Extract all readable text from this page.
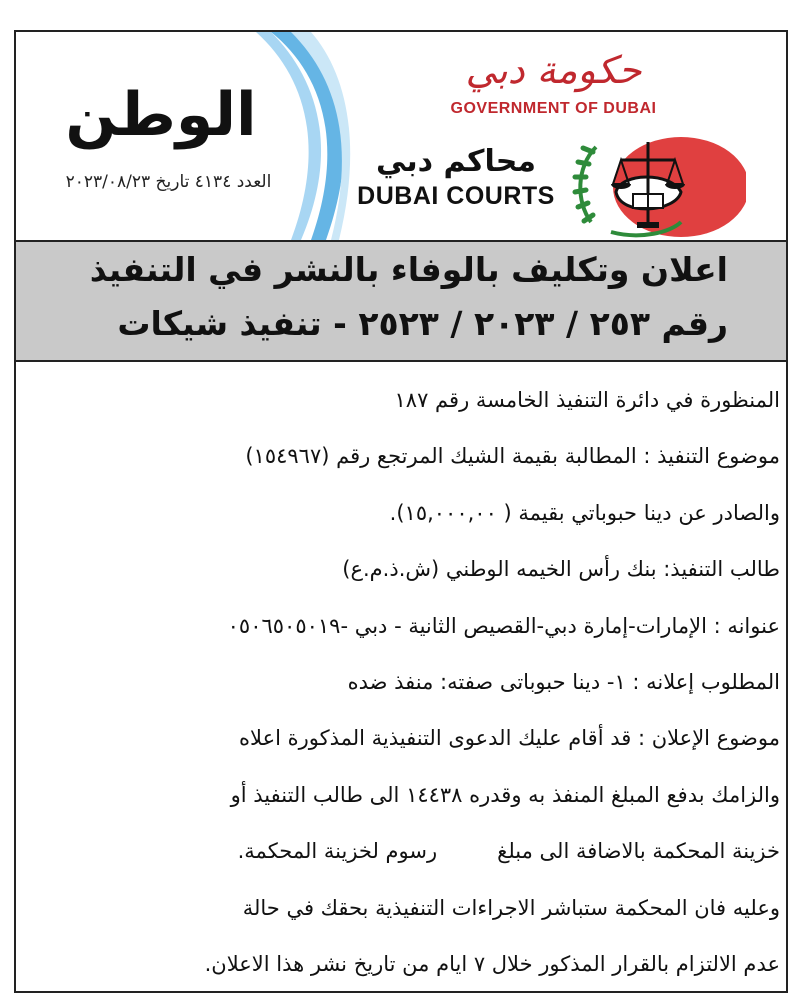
الوطن
العدد ٤١٣٤ تاريخ ٢٠٢٣/٠٨/٢٣
حكومة دبي
GOVERNMENT OF DUBAI
محاكم دبي
DUBAI COURTS
اعلان وتكليف بالوفاء بالنشر في التنفيذ
رقم ٢٥٣ / ٢٠٢٣ / ٢٥٢٣ - تنفيذ شيكات
المنظورة في دائرة التنفيذ الخامسة رقم ١٨٧
موضوع التنفيذ : المطالبة بقيمة الشيك المرتجع رقم (١٥٤٩٦٧)
والصادر عن دينا حبوباتي بقيمة ( ١٥,٠٠٠,٠٠).
طالب التنفيذ: بنك رأس الخيمه الوطني (ش.ذ.م.ع)
عنوانه : الإمارات-إمارة دبي-القصيص الثانية - دبي -٠٥٠٦٥٠٥٠١٩
المطلوب إعلانه : ١- دينا حبوباتى صفته: منفذ ضده
موضوع الإعلان : قد أقام عليك الدعوى التنفيذية المذكورة اعلاه
والزامك بدفع المبلغ المنفذ به وقدره ١٤٤٣٨ الى طالب التنفيذ أو
خزينة المحكمة بالاضافة الى مبلغرسوم لخزينة المحكمة.
وعليه فان المحكمة ستباشر الاجراءات التنفيذية بحقك في حالة
عدم الالتزام بالقرار المذكور خلال ٧ ايام من تاريخ نشر هذا الاعلان.
